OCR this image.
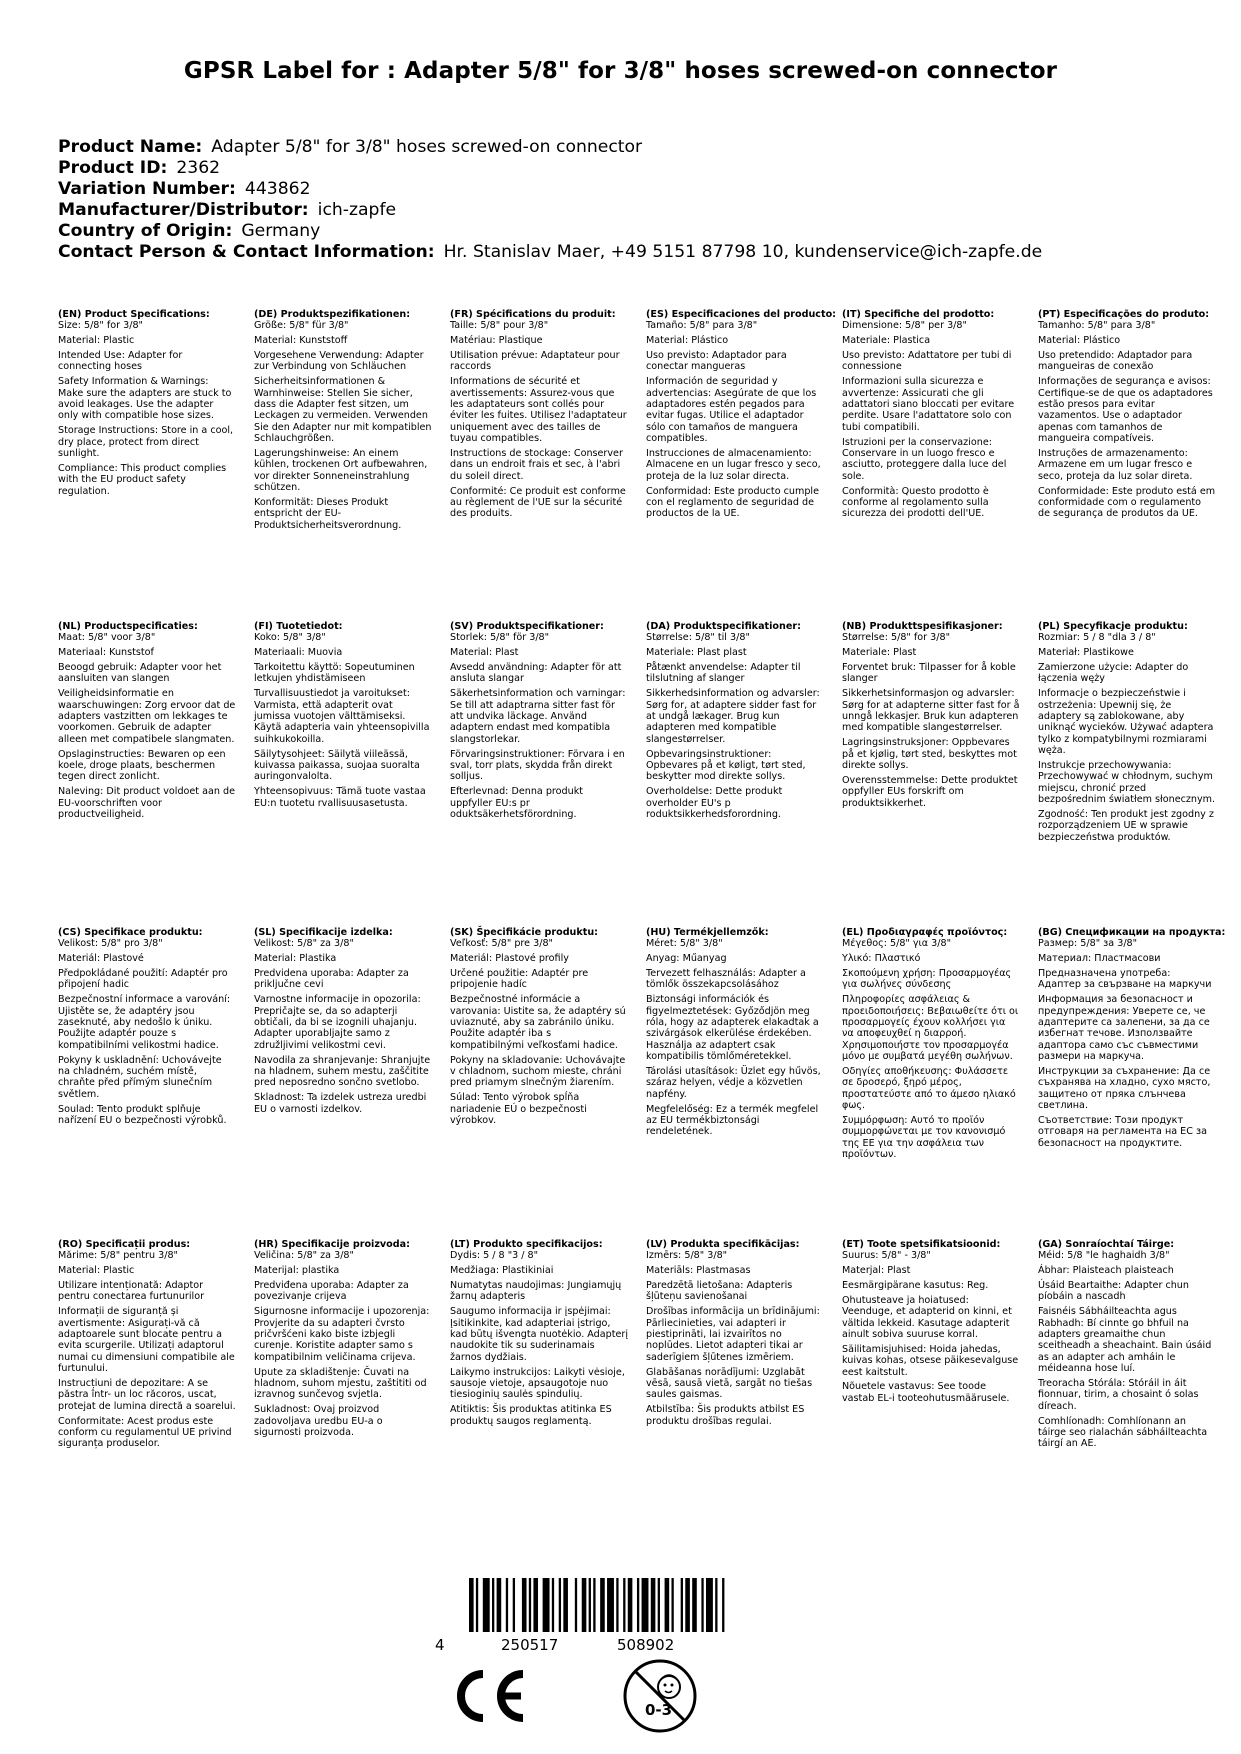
GPSR Label for : Adapter 5/8" for 3/8" hoses screwed-on connector
Product Name: Adapter 5/8" for 3/8" hoses screwed-on connector
Product ID: 2362
Variation Number: 443862
Manufacturer/Distributor: ich-zapfe
Country of Origin: Germany
Contact Person & Contact Information: Hr. Stanislav Maer, +49 5151 87798 10, kundenservice@ich-zapfe.de
(EN) Product Specifications:
Size: 5/8" for 3/8"
Material: Plastic
Intended Use: Adapter for connecting hoses
Safety Information & Warnings: Make sure the adapters are stuck to avoid leakages. Use the adapter only with compatible hose sizes.
Storage Instructions: Store in a cool, dry place, protect from direct sunlight.
Compliance: This product complies with the EU product safety regulation.
(DE) Produktspezifikationen:
Größe: 5/8" für 3/8"
Material: Kunststoff
Vorgesehene Verwendung: Adapter zur Verbindung von Schläuchen
Sicherheitsinformationen & Warnhinweise: Stellen Sie sicher, dass die Adapter fest sitzen, um Leckagen zu vermeiden. Verwenden Sie den Adapter nur mit kompatiblen Schlauchgrößen.
Lagerungshinweise: An einem kühlen, trockenen Ort aufbewahren, vor direkter Sonneneinstrahlung schützen.
Konformität: Dieses Produkt entspricht der EU-Produktsicherheitsverordnung.
(FR) Spécifications du produit:
Taille: 5/8" pour 3/8"
Matériau: Plastique
Utilisation prévue: Adaptateur pour raccords
Informations de sécurité et avertissements: Assurez-vous que les adaptateurs sont collés pour éviter les fuites. Utilisez l'adaptateur uniquement avec des tailles de tuyau compatibles.
Instructions de stockage: Conserver dans un endroit frais et sec, à l'abri du soleil direct.
Conformité: Ce produit est conforme au règlement de l'UE sur la sécurité des produits.
(ES) Especificaciones del producto:
Tamaño: 5/8" para 3/8"
Material: Plástico
Uso previsto: Adaptador para conectar mangueras
Información de seguridad y advertencias: Asegúrate de que los adaptadores estén pegados para evitar fugas. Utilice el adaptador sólo con tamaños de manguera compatibles.
Instrucciones de almacenamiento: Almacene en un lugar fresco y seco, proteja de la luz solar directa.
Conformidad: Este producto cumple con el reglamento de seguridad de productos de la UE.
(IT) Specifiche del prodotto:
Dimensione: 5/8" per 3/8"
Materiale: Plastica
Uso previsto: Adattatore per tubi di connessione
Informazioni sulla sicurezza e avvertenze: Assicurati che gli adattatori siano bloccati per evitare perdite. Usare l'adattatore solo con tubi compatibili.
Istruzioni per la conservazione: Conservare in un luogo fresco e asciutto, proteggere dalla luce del sole.
Conformità: Questo prodotto è conforme al regolamento sulla sicurezza dei prodotti dell'UE.
(PT) Especificações do produto:
Tamanho: 5/8" para 3/8"
Material: Plástico
Uso pretendido: Adaptador para mangueiras de conexão
Informações de segurança e avisos: Certifique-se de que os adaptadores estão presos para evitar vazamentos. Use o adaptador apenas com tamanhos de mangueira compatíveis.
Instruções de armazenamento: Armazene em um lugar fresco e seco, proteja da luz solar direta.
Conformidade: Este produto está em conformidade com o regulamento de segurança de produtos da UE.
(NL) Productspecificaties:
Maat: 5/8" voor 3/8"
Materiaal: Kunststof
Beoogd gebruik: Adapter voor het aansluiten van slangen
Veiligheidsinformatie en waarschuwingen: Zorg ervoor dat de adapters vastzitten om lekkages te voorkomen. Gebruik de adapter alleen met compatibele slangmaten.
Opslaginstructies: Bewaren op een koele, droge plaats, beschermen tegen direct zonlicht.
Naleving: Dit product voldoet aan de EU-voorschriften voor productveiligheid.
(FI) Tuotetiedot:
Koko: 5/8" 3/8"
Materiaali: Muovia
Tarkoitettu käyttö: Sopeutuminen letkujen yhdistämiseen
Turvallisuustiedot ja varoitukset: Varmista, että adapterit ovat jumissa vuotojen välttämiseksi. Käytä adapteria vain yhteensopivilla suihkukokoilla.
Säilytysohjeet: Säilytä viileässä, kuivassa paikassa, suojaa suoralta auringonvalolta.
Yhteensopivuus: Tämä tuote vastaa EU:n tuotetu rvallisuusasetusta.
(SV) Produktspecifikationer:
Storlek: 5/8" för 3/8"
Material: Plast
Avsedd användning: Adapter för att ansluta slangar
Säkerhetsinformation och varningar: Se till att adaptrarna sitter fast för att undvika läckage. Använd adaptern endast med kompatibla slangstorlekar.
Förvaringsinstruktioner: Förvara i en sval, torr plats, skydda från direkt solljus.
Efterlevnad: Denna produkt uppfyller EU:s pr oduktsäkerhetsförordning.
(DA) Produktspecifikationer:
Størrelse: 5/8" til 3/8"
Materiale: Plast plast
Påtænkt anvendelse: Adapter til tilslutning af slanger
Sikkerhedsinformation og advarsler: Sørg for, at adaptere sidder fast for at undgå lækager. Brug kun adapteren med kompatible slangestørrelser.
Opbevaringsinstruktioner: Opbevares på et køligt, tørt sted, beskytter mod direkte sollys.
Overholdelse: Dette produkt overholder EU's p roduktsikkerhedsforordning.
(NB) Produkttspesifikasjoner:
Størrelse: 5/8" for 3/8"
Materiale: Plast
Forventet bruk: Tilpasser for å koble slanger
Sikkerhetsinformasjon og advarsler: Sørg for at adapterne sitter fast for å unngå lekkasjer. Bruk kun adapteren med kompatible slangestørrelser.
Lagringsinstruksjoner: Oppbevares på et kjølig, tørt sted, beskyttes mot direkte sollys.
Overensstemmelse: Dette produktet oppfyller EUs forskrift om produktsikkerhet.
(PL) Specyfikacje produktu:
Rozmiar: 5 / 8 "dla 3 / 8"
Materiał: Plastikowe
Zamierzone użycie: Adapter do łączenia węży
Informacje o bezpieczeństwie i ostrzeżenia: Upewnij się, że adaptery są zablokowane, aby uniknąć wycieków. Używać adaptera tylko z kompatybilnymi rozmiarami węża.
Instrukcje przechowywania: Przechowywać w chłodnym, suchym miejscu, chronić przed bezpośrednim światłem słonecznym.
Zgodność: Ten produkt jest zgodny z rozporządzeniem UE w sprawie bezpieczeństwa produktów.
(CS) Specifikace produktu:
Velikost: 5/8" pro 3/8"
Materiál: Plastové
Předpokládané použití: Adaptér pro připojení hadic
Bezpečnostní informace a varování: Ujistěte se, že adaptéry jsou zaseknuté, aby nedošlo k úniku. Použijte adaptér pouze s kompatibilními velikostmi hadice.
Pokyny k uskladnění: Uchovávejte na chladném, suchém místě, chraňte před přímým slunečním světlem.
Soulad: Tento produkt splňuje nařízení EU o bezpečnosti výrobků.
(SL) Specifikacije izdelka:
Velikost: 5/8" za 3/8"
Material: Plastika
Predvidena uporaba: Adapter za priključne cevi
Varnostne informacije in opozorila: Prepričajte se, da so adapterji obtičali, da bi se izognili uhajanju. Adapter uporabljajte samo z združljivimi velikostmi cevi.
Navodila za shranjevanje: Shranjujte na hladnem, suhem mestu, zaščitite pred neposredno sončno svetlobo.
Skladnost: Ta izdelek ustreza uredbi EU o varnosti izdelkov.
(SK) Špecifikácie produktu:
Veľkosť: 5/8" pre 3/8"
Materiál: Plastové profily
Určené použitie: Adaptér pre pripojenie hadíc
Bezpečnostné informácie a varovania: Uistite sa, že adaptéry sú uviaznuté, aby sa zabránilo úniku. Použite adaptér iba s kompatibilnými veľkosťami hadice.
Pokyny na skladovanie: Uchovávajte v chladnom, suchom mieste, chráni pred priamym slnečným žiarením.
Súlad: Tento výrobok spĺňa nariadenie EÚ o bezpečnosti výrobkov.
(HU) Termékjellemzők:
Méret: 5/8" 3/8"
Anyag: Műanyag
Tervezett felhasználás: Adapter a tömlők összekapcsolásához
Biztonsági információk és figyelmeztetések: Győződjön meg róla, hogy az adapterek elakadtak a szivárgások elkerülése érdekében. Használja az adaptert csak kompatibilis tömlőméretekkel.
Tárolási utasítások: Üzlet egy hűvös, száraz helyen, védje a közvetlen napfény.
Megfelelőség: Ez a termék megfelel az EU termékbiztonsági rendeletének.
(EL) Προδιαγραφές προϊόντος:
Μέγεθος: 5/8" για 3/8"
Υλικό: Πλαστικό
Σκοπούμενη χρήση: Προσαρμογέας για σωλήνες σύνδεσης
Πληροφορίες ασφάλειας & προειδοποιήσεις: Βεβαιωθείτε ότι οι προσαρμογείς έχουν κολλήσει για να αποφευχθεί η διαρροή. Χρησιμοποιήστε τον προσαρμογέα μόνο με συμβατά μεγέθη σωλήνων.
Οδηγίες αποθήκευσης: Φυλάσσετε σε δροσερό, ξηρό μέρος, προστατεύστε από το άμεσο ηλιακό φως.
Συμμόρφωση: Αυτό το προϊόν συμμορφώνεται με τον κανονισμό της ΕΕ για την ασφάλεια των προϊόντων.
(BG) Спецификации на продукта:
Размер: 5/8" за 3/8"
Материал: Пластмасови
Предназначена употреба: Адаптер за свързване на маркучи
Информация за безопасност и предупреждения: Уверете се, че адаптерите са залепени, за да се избегнат течове. Използвайте адаптора само със съвместими размери на маркуча.
Инструкции за съхранение: Да се съхранява на хладно, сухо място, защитено от пряка слънчева светлина.
Съответствие: Този продукт отговаря на регламента на ЕС за безопасност на продуктите.
(RO) Specificații produs:
Mărime: 5/8" pentru 3/8"
Material: Plastic
Utilizare intenționată: Adaptor pentru conectarea furtunurilor
Informații de siguranță și avertismente: Asigurați-vă că adaptoarele sunt blocate pentru a evita scurgerile. Utilizați adaptorul numai cu dimensiuni compatibile ale furtunului.
Instrucțiuni de depozitare: A se păstra într- un loc răcoros, uscat, protejat de lumina directă a soarelui.
Conformitate: Acest produs este conform cu regulamentul UE privind siguranța produselor.
(HR) Specifikacije proizvoda:
Veličina: 5/8" za 3/8"
Materijal: plastika
Predviđena uporaba: Adapter za povezivanje crijeva
Sigurnosne informacije i upozorenja: Provjerite da su adapteri čvrsto pričvršćeni kako biste izbjegli curenje. Koristite adapter samo s kompatibilnim veličinama crijeva.
Upute za skladištenje: Čuvati na hladnom, suhom mjestu, zaštititi od izravnog sunčevog svjetla.
Sukladnost: Ovaj proizvod zadovoljava uredbu EU-a o sigurnosti proizvoda.
(LT) Produkto specifikacijos:
Dydis: 5 / 8 "3 / 8"
Medžiaga: Plastikiniai
Numatytas naudojimas: Jungiamųjų žarnų adapteris
Saugumo informacija ir įspėjimai: Įsitikinkite, kad adapteriai įstrigo, kad būtų išvengta nuotėkio. Adapterį naudokite tik su suderinamais žarnos dydžiais.
Laikymo instrukcijos: Laikyti vėsioje, sausoje vietoje, apsaugotoje nuo tiesioginių saulės spindulių.
Atitiktis: Šis produktas atitinka ES produktų saugos reglamentą.
(LV) Produkta specifikācijas:
Izmērs: 5/8" 3/8"
Materiāls: Plastmasas
Paredzētā lietošana: Adapteris šļūteņu savienošanai
Drošības informācija un brīdinājumi: Pārliecinieties, vai adapteri ir piestiprināti, lai izvairītos no noplūdes. Lietot adapteri tikai ar saderīgiem šļūtenes izmēriem.
Glabāšanas norādījumi: Uzglabāt vēsā, sausā vietā, sargāt no tiešas saules gaismas.
Atbilstība: Šis produkts atbilst ES produktu drošības regulai.
(ET) Toote spetsifikatsioonid:
Suurus: 5/8" - 3/8"
Materjal: Plast
Eesmärgipärane kasutus: Reg.
Ohutusteave ja hoiatused: Veenduge, et adapterid on kinni, et vältida lekkeid. Kasutage adapterit ainult sobiva suuruse korral.
Säilitamisjuhised: Hoida jahedas, kuivas kohas, otsese päikesevalguse eest kaitstult.
Nõuetele vastavus: See toode vastab EL-i tooteohutusmäärusele.
(GA) Sonraíochtaí Táirge:
Méid: 5/8 "le haghaidh 3/8"
Ábhar: Plaisteach plaisteach
Úsáid Beartaithe: Adapter chun píobáin a nascadh
Faisnéis Sábháilteachta agus Rabhadh: Bí cinnte go bhfuil na adapters greamaithe chun sceitheadh a sheachaint. Bain úsáid as an adapter ach amháin le méideanna hose luí.
Treoracha Stórála: Stóráil in áit fionnuar, tirim, a chosaint ó solas díreach.
Comhlíonadh: Comhlíonann an táirge seo rialachán sábháilteachta táirgí an AE.
4	250517	508902
0-3
